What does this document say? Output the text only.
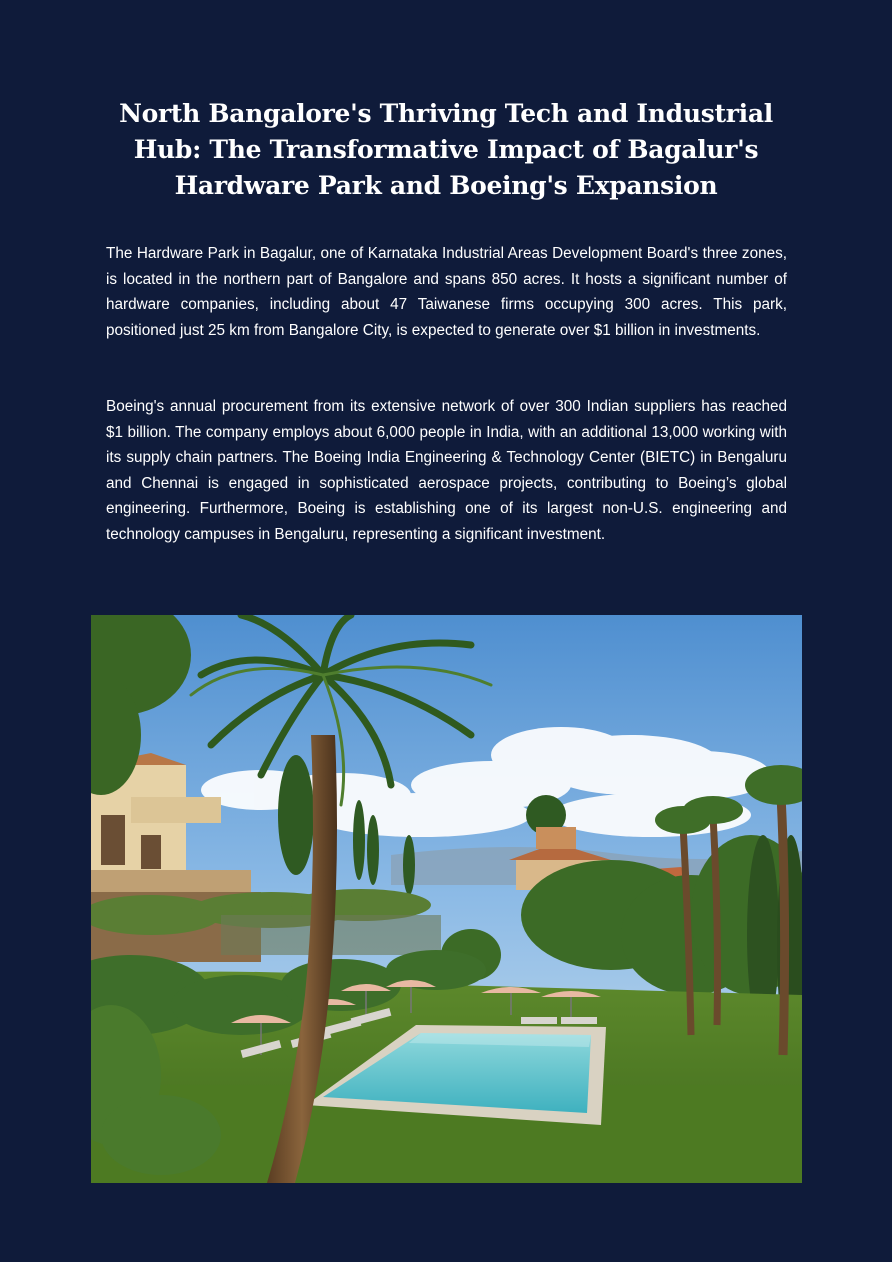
North Bangalore's Thriving Tech and Industrial Hub: The Transformative Impact of Bagalur's Hardware Park and Boeing's Expansion

The Hardware Park in Bagalur, one of Karnataka Industrial Areas Development Board's three zones, is located in the northern part of Bangalore and spans 850 acres. It hosts a significant number of hardware companies, including about 47 Taiwanese firms occupying 300 acres. This park, positioned just 25 km from Bangalore City, is expected to generate over $1 billion in investments.

Boeing's annual procurement from its extensive network of over 300 Indian suppliers has reached $1 billion. The company employs about 6,000 people in India, with an additional 13,000 working with its supply chain partners. The Boeing India Engineering & Technology Center (BIETC) in Bengaluru and Chennai is engaged in sophisticated aerospace projects, contributing to Boeing’s global engineering. Furthermore, Boeing is establishing one of its largest non-U.S. engineering and technology campuses in Bengaluru, representing a significant investment.
